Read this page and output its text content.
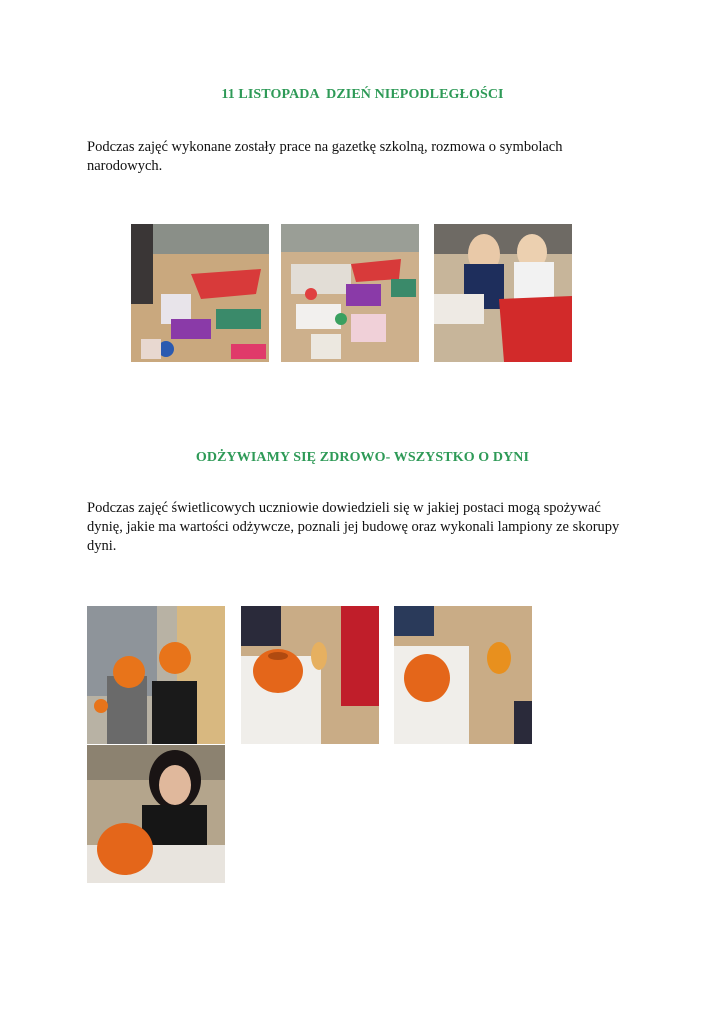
11 LISTOPADA  DZIEŃ NIEPODLEGŁOŚCI
Podczas zajęć wykonane zostały prace na gazetkę szkolną, rozmowa o symbolach narodowych.
ODŻYWIAMY SIĘ ZDROWO- WSZYSTKO O DYNI
Podczas zajęć świetlicowych uczniowie dowiedzieli się w jakiej postaci mogą spożywać dynię, jakie ma wartości odżywcze, poznali jej budowę oraz wykonali lampiony ze skorupy dyni.
